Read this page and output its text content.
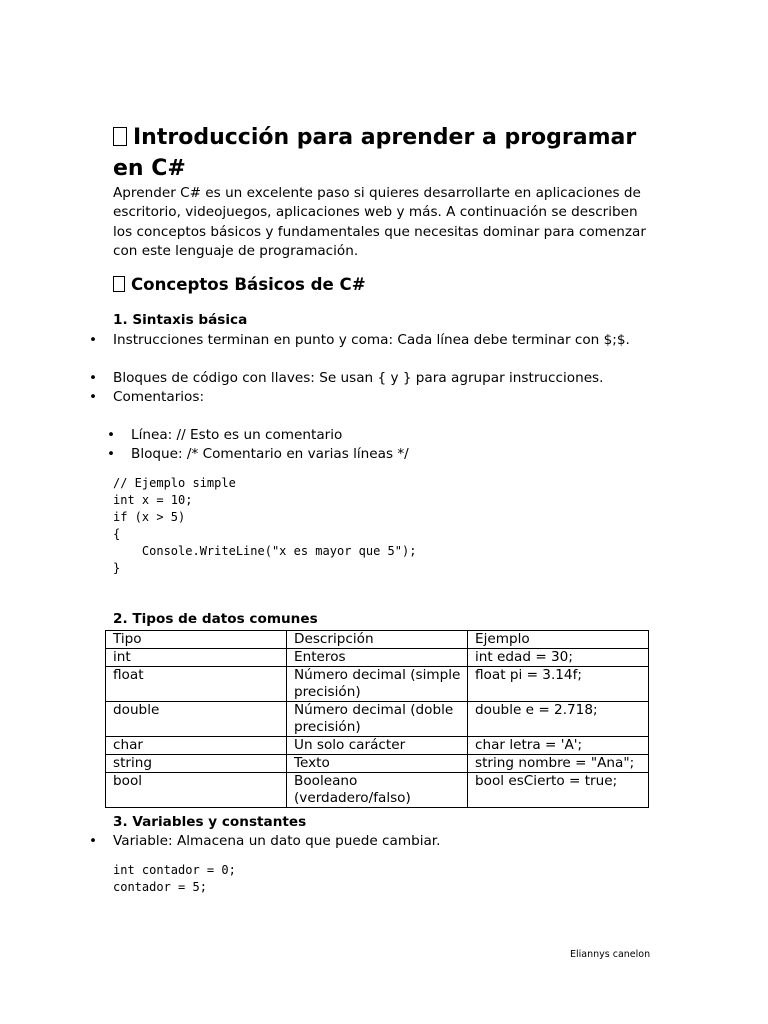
Introducción para aprender a programar
en C#

Aprender C# es un excelente paso si quieres desarrollarte en aplicaciones de escritorio, videojuegos, aplicaciones web y más. A continuación se describen los conceptos básicos y fundamentales que necesitas dominar para comenzar con este lenguaje de programación.

Conceptos Básicos de C#
1. Sintaxis básica
• Instrucciones terminan en punto y coma: Cada línea debe terminar con $;$.
• Bloques de código con llaves: Se usan { y } para agrupar instrucciones.
• Comentarios:
• Línea: // Esto es un comentario
• Bloque: /* Comentario en varias líneas */
// Ejemplo simple
int x = 10;
if (x > 5)
{
Console.WriteLine("x es mayor que 5");
}
2. Tipos de datos comunes
Tipo	Descripción	Ejemplo
int	Enteros	int edad = 30;
float	Número decimal (simple precisión)	float pi = 3.14f;
double	Número decimal (doble precisión)	double e = 2.718;
char	Un solo carácter	char letra = 'A';
string	Texto	string nombre = "Ana";
bool	Booleano (verdadero/falso)	bool esCierto = true;
3. Variables y constantes
• Variable: Almacena un dato que puede cambiar.
int contador = 0;
contador = 5;
Eliannys canelon
